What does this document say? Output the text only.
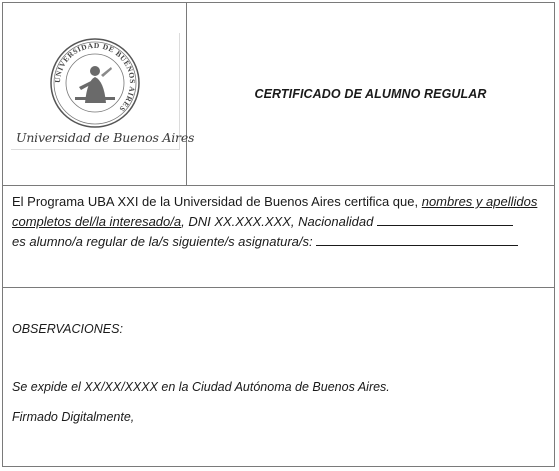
UNIVERSIDAD DE BUENOS AIRES
Universidad de Buenos Aires
CERTIFICADO DE ALUMNO REGULAR
El Programa UBA XXI de la Universidad de Buenos Aires certifica que, nombres y apellidos completos del/la interesado/a, DNI XX.XXX.XXX, Nacionalidad
es alumno/a regular de la/s siguiente/s asignatura/s:
OBSERVACIONES:
Se expide el XX/XX/XXXX en la Ciudad Autónoma de Buenos Aires.
Firmado Digitalmente,
